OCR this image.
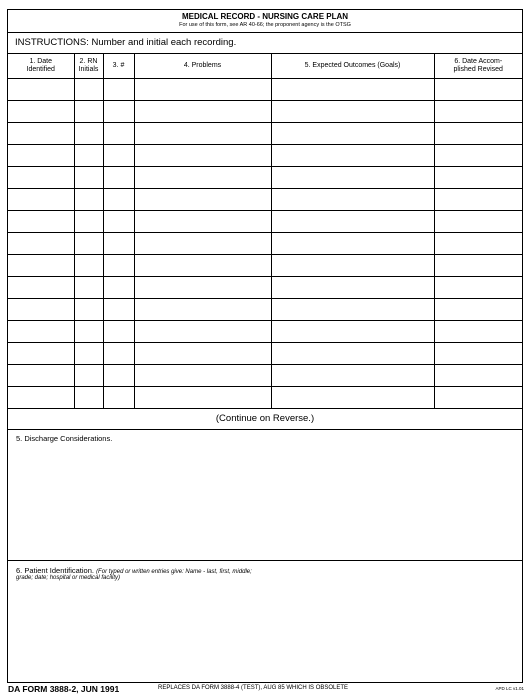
MEDICAL RECORD - NURSING CARE PLAN
For use of this form, see AR 40-66; the proponent agency is the OTSG
INSTRUCTIONS: Number and initial each recording.
1. Date
Identified	2. RN
Initials	3. #	4. Problems	5. Expected Outcomes (Goals)	6. Date Accom-
plished Revised

(Continue on Reverse.)
5. Discharge Considerations.
6. Patient Identification. (For typed or written entries give: Name - last, first, middle;
grade; date; hospital or medical facility)
DA FORM 3888-2, JUN 1991	REPLACES DA FORM 3888-4 (TEST), AUG 85 WHICH IS OBSOLETE	APD LC v1.01
